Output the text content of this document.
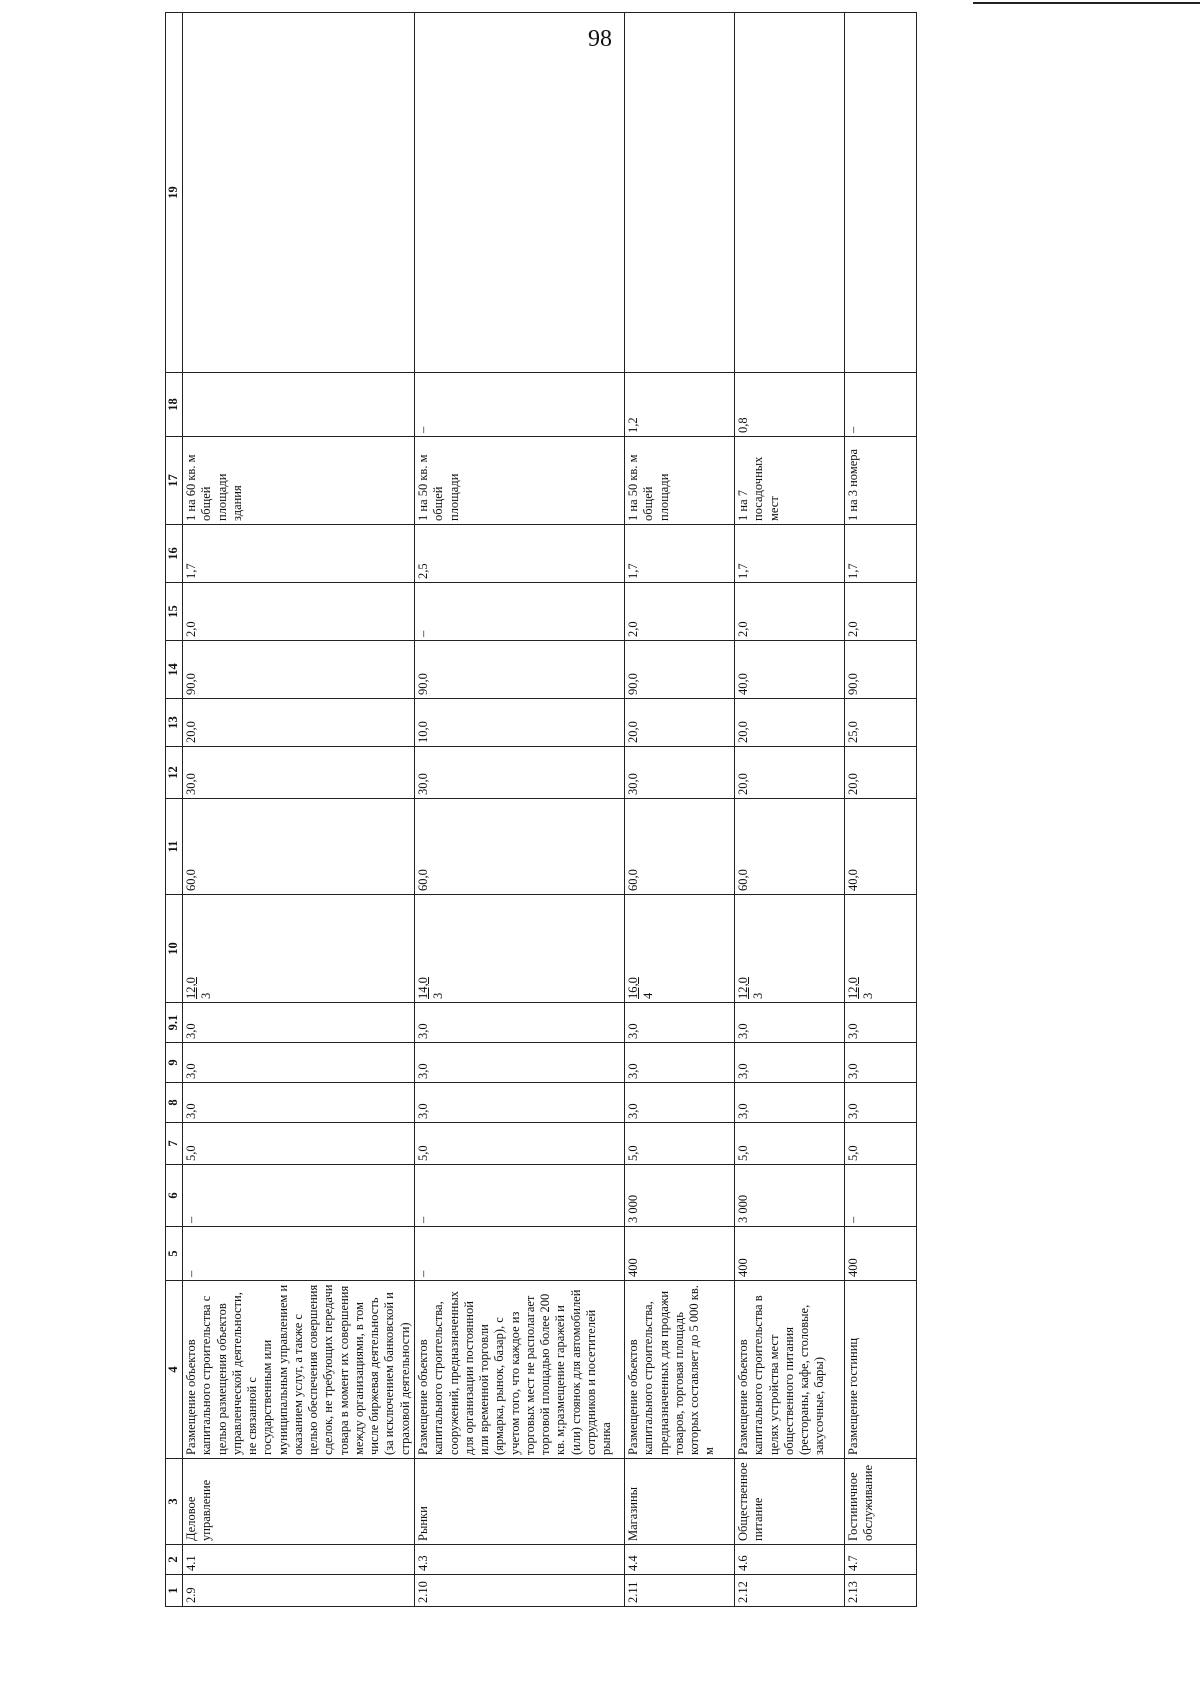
98
1	2	3	4	5	6	7	8	9	9.1	10	11	12	13	14	15	16	17	18	19
2.9	4.1	Деловое управление	Размещение объектов капитального строительства с целью размещения объектов управленческой деятельности, не связанной с государственным или муниципальным управлением и оказанием услуг, а также с целью обеспечения совершения сделок, не требующих передачи товара в момент их совершения между организациями, в том числе биржевая деятельность (за исключением банковской и страховой деятельности)	–	–	5,0	3,0	3,0	3,0	12,0 3	60,0	30,0	20,0	90,0	2,0	1,7	1 на 60 кв. м общей площади здания		
2.10	4.3	Рынки	Размещение объектов капитального строительства, сооружений, предназначенных для организации постоянной или временной торговли (ярмарка, рынок, базар), с учетом того, что каждое из торговых мест не располагает торговой площадью более 200 кв. м;размещение гаражей и (или) стоянок для автомобилей сотрудников и посетителей рынка	–	–	5,0	3,0	3,0	3,0	14,0 3	60,0	30,0	10,0	90,0	–	2,5	1 на 50 кв. м общей площади	–	
2.11	4.4	Магазины	Размещение объектов капитального строительства, предназначенных для продажи товаров, торговая площадь которых составляет до 5 000 кв. м	400	3 000	5,0	3,0	3,0	3,0	16,0 4	60,0	30,0	20,0	90,0	2,0	1,7	1 на 50 кв. м общей площади	1,2	
2.12	4.6	Общественное питание	Размещение объектов капитального строительства в целях устройства мест общественного питания (рестораны, кафе, столовые, закусочные, бары)	400	3 000	5,0	3,0	3,0	3,0	12,0 3	60,0	20,0	20,0	40,0	2,0	1,7	1 на 7 посадочных мест	0,8	
2.13	4.7	Гостиничное обслуживание	Размещение гостиниц	400	–	5,0	3,0	3,0	3,0	12,0 3	40,0	20,0	25,0	90,0	2,0	1,7	1 на 3 номера	–	
